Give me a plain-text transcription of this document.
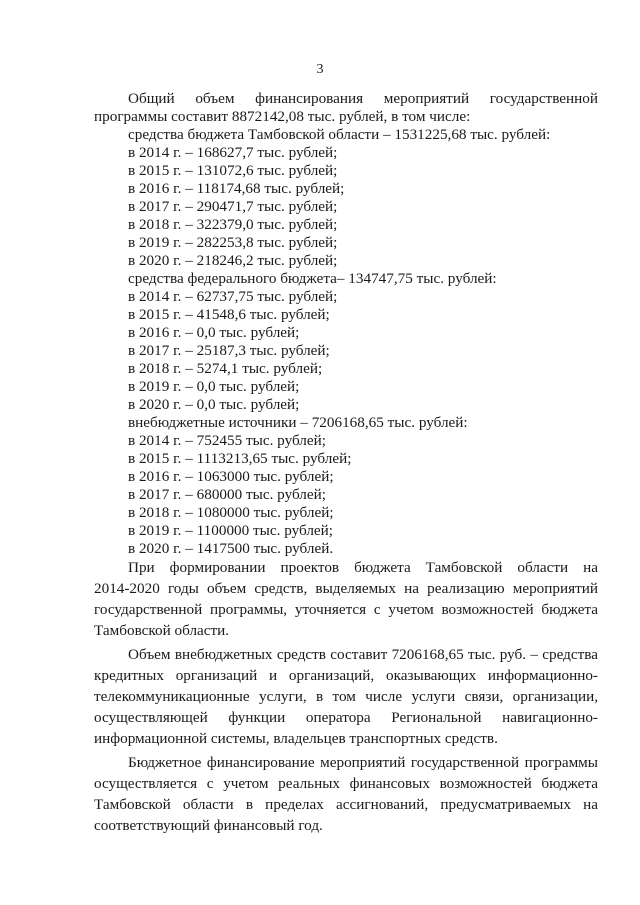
3
Общий объем финансирования мероприятий государственной
программы составит 8872142,08 тыс. рублей, в том числе:
средства бюджета Тамбовской области – 1531225,68 тыс. рублей:
в 2014 г. – 168627,7 тыс. рублей;
в 2015 г. – 131072,6 тыс. рублей;
в 2016 г. – 118174,68 тыс. рублей;
в 2017 г. – 290471,7 тыс. рублей;
в 2018 г. – 322379,0 тыс. рублей;
в 2019 г. – 282253,8 тыс. рублей;
в 2020 г. – 218246,2 тыс. рублей;
средства федерального бюджета– 134747,75 тыс. рублей:
в 2014 г. – 62737,75 тыс. рублей;
в 2015 г. – 41548,6 тыс. рублей;
в 2016 г. – 0,0 тыс. рублей;
в 2017 г. – 25187,3 тыс. рублей;
в 2018 г. – 5274,1 тыс. рублей;
в 2019 г. – 0,0 тыс. рублей;
в 2020 г. – 0,0 тыс. рублей;
внебюджетные источники – 7206168,65 тыс. рублей:
в 2014 г. – 752455 тыс. рублей;
в 2015 г. – 1113213,65 тыс. рублей;
в 2016 г. – 1063000 тыс. рублей;
в 2017 г. – 680000 тыс. рублей;
в 2018 г. – 1080000 тыс. рублей;
в 2019 г. – 1100000 тыс. рублей;
в 2020 г. – 1417500 тыс. рублей.
При формировании проектов бюджета Тамбовской области на
2014-2020 годы объем средств, выделяемых на реализацию мероприятий
государственной программы, уточняется с учетом возможностей бюджета
Тамбовской области.
Объем внебюджетных средств составит 7206168,65 тыс. руб. – средства
кредитных организаций и организаций, оказывающих информационно-
телекоммуникационные услуги, в том числе услуги связи, организации,
осуществляющей функции оператора Региональной навигационно-
информационной системы, владельцев транспортных средств.
Бюджетное финансирование мероприятий государственной программы
осуществляется с учетом реальных финансовых возможностей бюджета
Тамбовской области в пределах ассигнований, предусматриваемых на
соответствующий финансовый год.
